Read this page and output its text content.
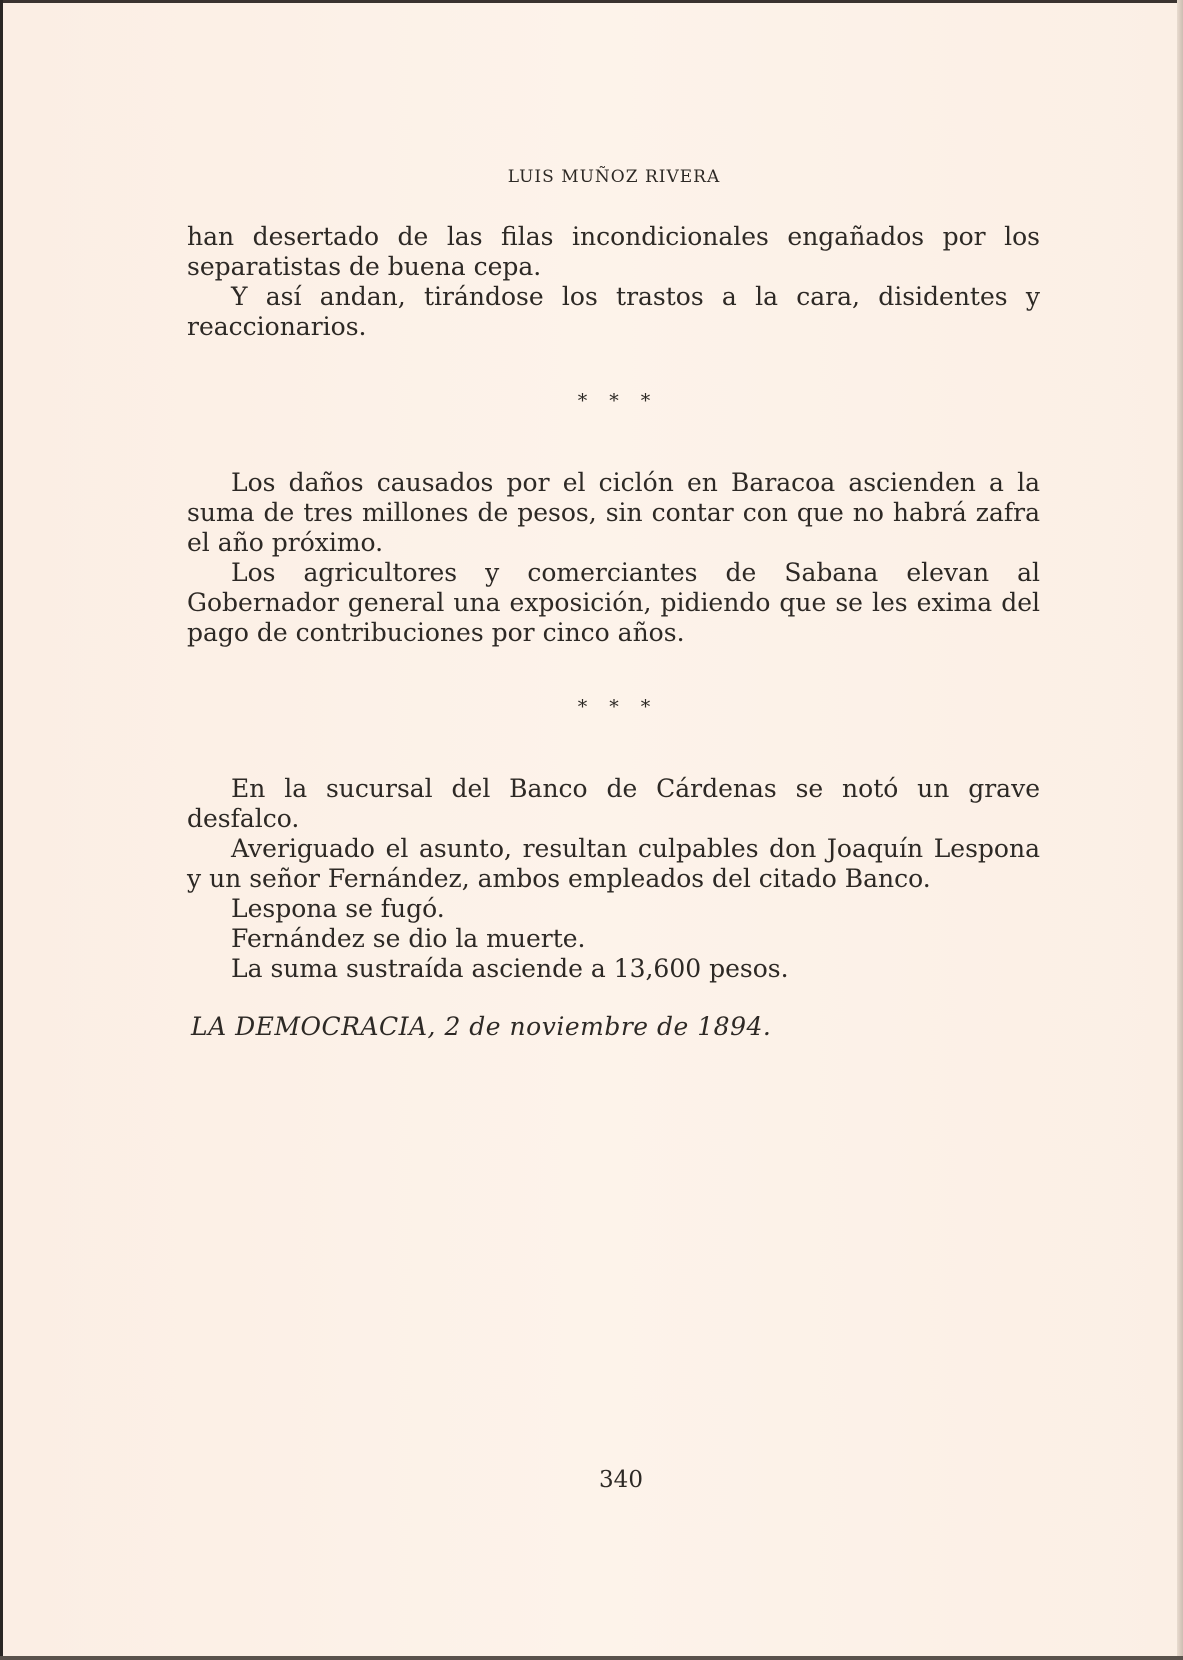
LUIS MUÑOZ RIVERA

han desertado de las filas incondicionales engañados por los separatistas de buena cepa.

Y así andan, tirándose los trastos a la cara, disidentes y reaccionarios.

* * *

Los daños causados por el ciclón en Baracoa ascienden a la suma de tres millones de pesos, sin contar con que no habrá zafra el año próximo.

Los agricultores y comerciantes de Sabana elevan al Gobernador general una exposición, pidiendo que se les exima del pago de contribuciones por cinco años.

* * *

En la sucursal del Banco de Cárdenas se notó un grave desfalco.

Averiguado el asunto, resultan culpables don Joaquín Lespona y un señor Fernández, ambos empleados del citado Banco.

Lespona se fugó.

Fernández se dio la muerte.

La suma sustraída asciende a 13,600 pesos.

LA DEMOCRACIA, 2 de noviembre de 1894.
340
